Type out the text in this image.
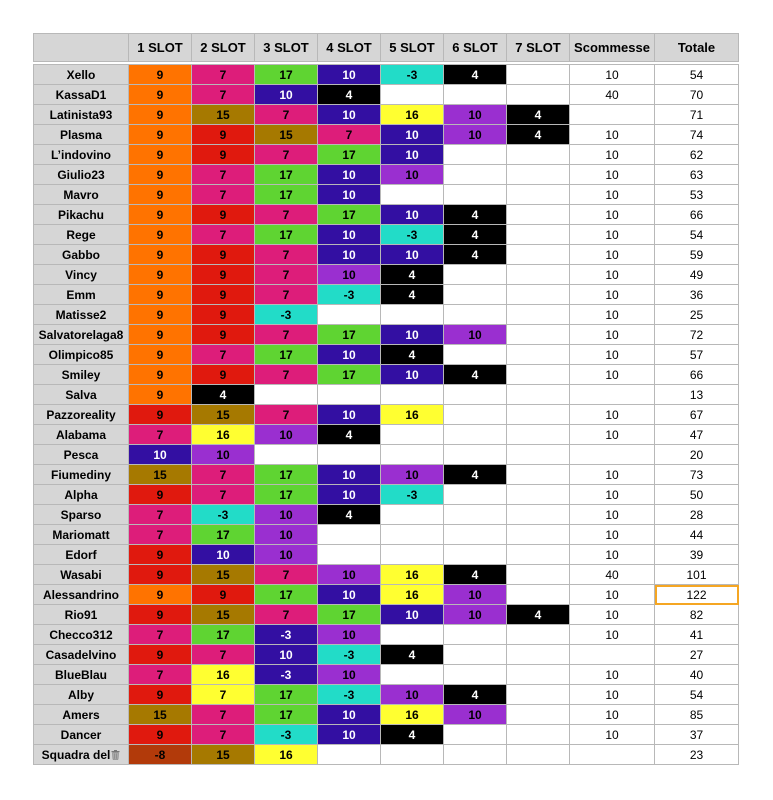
	1 SLOT	2 SLOT	3 SLOT	4 SLOT	5 SLOT	6 SLOT	7 SLOT	Scommesse	Totale

Xello	9	7	17	10	-3	4		10	54
KassaD1	9	7	10	4				40	70
Latinista93	9	15	7	10	16	10	4		71
Plasma	9	9	15	7	10	10	4	10	74
L’indovino	9	9	7	17	10			10	62
Giulio23	9	7	17	10	10			10	63
Mavro	9	7	17	10				10	53
Pikachu	9	9	7	17	10	4		10	66
Rege	9	7	17	10	-3	4		10	54
Gabbo	9	9	7	10	10	4		10	59
Vincy	9	9	7	10	4			10	49
Emm	9	9	7	-3	4			10	36
Matisse2	9	9	-3					10	25
Salvatorelaga8	9	9	7	17	10	10		10	72
Olimpico85	9	7	17	10	4			10	57
Smiley	9	9	7	17	10	4		10	66
Salva	9	4							13
Pazzoreality	9	15	7	10	16			10	67
Alabama	7	16	10	4				10	47
Pesca	10	10							20
Fiumediny	15	7	17	10	10	4		10	73
Alpha	9	7	17	10	-3			10	50
Sparso	7	-3	10	4				10	28
Mariomatt	7	17	10					10	44
Edorf	9	10	10					10	39
Wasabi	9	15	7	10	16	4		40	101
Alessandrino	9	9	17	10	16	10		10	122
Rio91	9	15	7	17	10	10	4	10	82
Checco312	7	17	-3	10				10	41
Casadelvino	9	7	10	-3	4				27
BlueBlau	7	16	-3	10				10	40
Alby	9	7	17	-3	10	4		10	54
Amers	15	7	17	10	16	10		10	85
Dancer	9	7	-3	10	4			10	37
Squadra del	-8	15	16						23
